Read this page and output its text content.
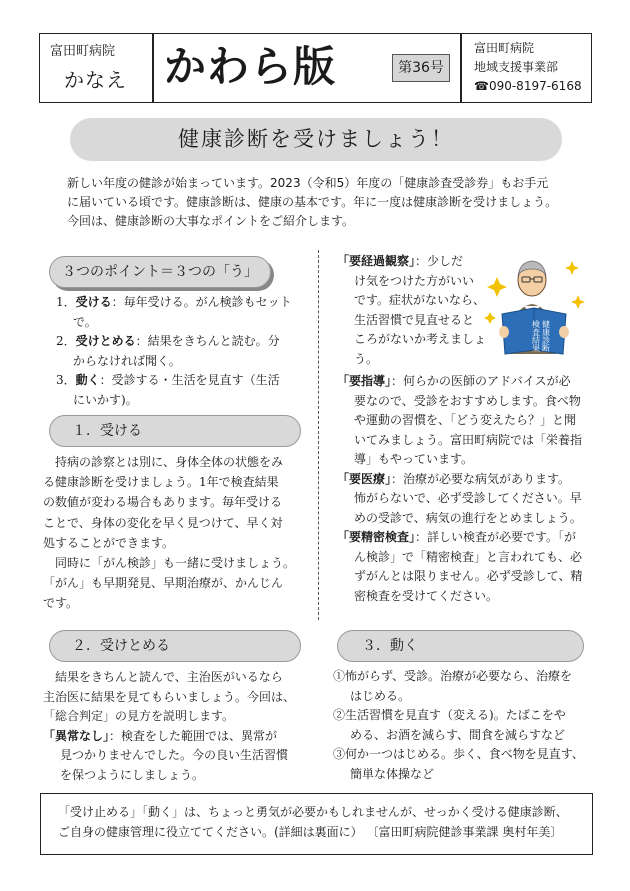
富田町病院
かなえ かわら版	第36号
富田町病院
地域支援事業部
☎090-8197-6168
健康診断を受けましょう！
新しい年度の健診が始まっています。2023（令和5）年度の「健康診査受診券」もお手元
に届いている頃です。健康診断は、健康の基本です。年に一度は健康診断を受けましょう。
今回は、健康診断の大事なポイントをご紹介します。
３つのポイント＝３つの「う」
1．受ける：毎年受ける。がん検診もセット
で。
2．受けとめる：結果をきちんと読む。分
からなければ聞く。
3．動く：受診する・生活を見直す（生活
にいかす)。
１．受ける
持病の診察とは別に、身体全体の状態をみ
る健康診断を受けましょう。1年で検査結果
の数値が変わる場合もあります。毎年受ける
ことで、身体の変化を早く見つけて、早く対
処することができます。
同時に「がん検診」も一緒に受けましょう。
「がん」も早期発見、早期治療が、かんじん
です。
２．受けとめる
結果をきちんと読んで、主治医がいるなら
主治医に結果を見てもらいましょう。今回は、
「総合判定」の見方を説明します。
「異常なし」：検査をした範囲では、異常が
見つかりませんでした。今の良い生活習慣
を保つようにしましょう。
「要経過観察」：少しだ
け気をつけた方がいい
です。症状がないなら、
生活習慣で見直せると
ころがないか考えましょ
う。
健康診断
検査結果
「要指導」：何らかの医師のアドバイスが必
要なので、受診をおすすめします。食べ物
や運動の習慣を、「どう変えたら？」と聞
いてみましょう。富田町病院では「栄養指
導」もやっています。
「要医療」：治療が必要な病気があります。
怖がらないで、必ず受診してください。早
めの受診で、病気の進行をとめましょう。
「要精密検査」：詳しい検査が必要です。「が
ん検診」で「精密検査」と言われても、必
ずがんとは限りません。必ず受診して、精
密検査を受けてください。
３．動く
①怖がらず、受診。治療が必要なら、治療を
はじめる。
②生活習慣を見直す（変える)。たばこをや
める、お酒を減らす、間食を減らすなど
③何か一つはじめる。歩く、食べ物を見直す、
簡単な体操など
「受け止める」「動く」は、ちょっと勇気が必要かもしれませんが、せっかく受ける健康診断、
ご自身の健康管理に役立ててください。(詳細は裏面に） 〔富田町病院健診事業課 奥村年美〕
